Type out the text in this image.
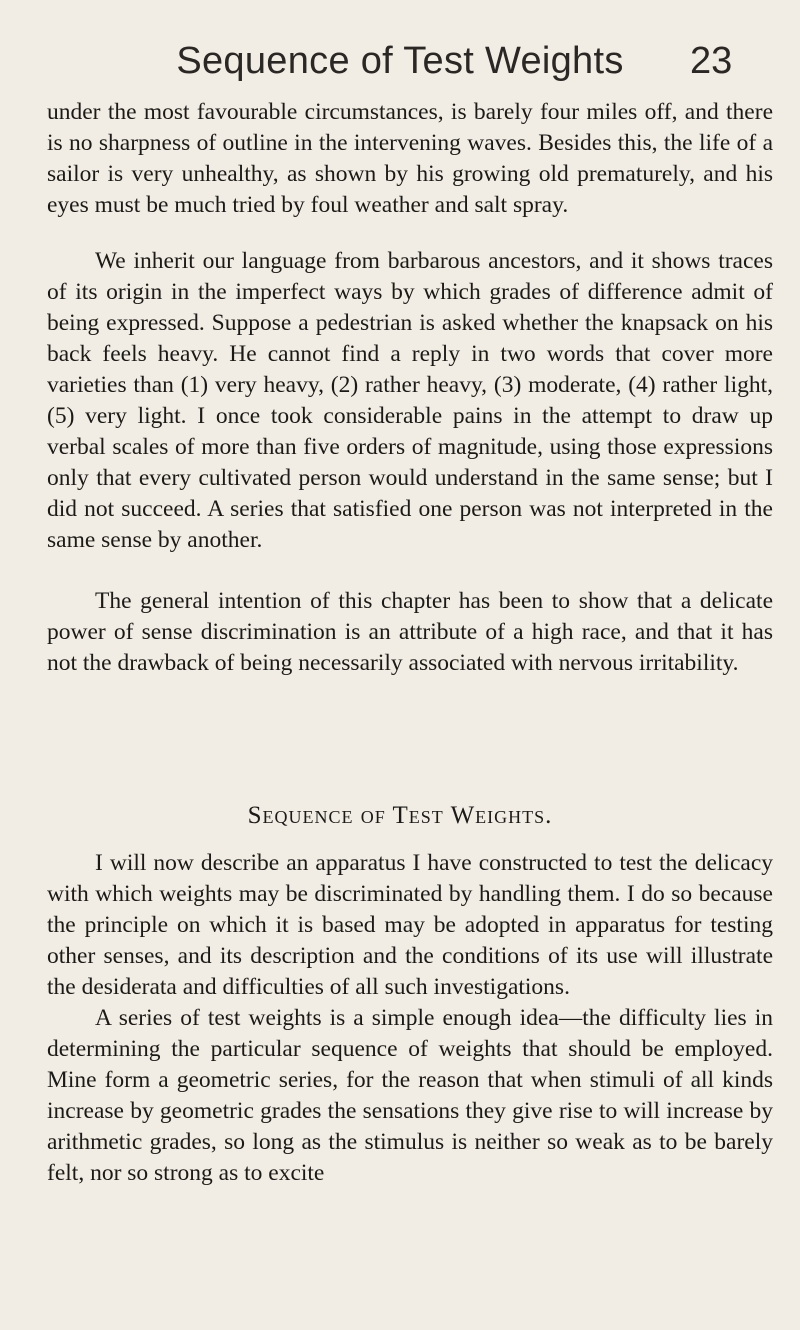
Sequence of Test Weights	23

under the most favourable circumstances, is barely four miles off, and there is no sharpness of outline in the intervening waves. Besides this, the life of a sailor is very unhealthy, as shown by his growing old prematurely, and his eyes must be much tried by foul weather and salt spray.

We inherit our language from barbarous ancestors, and it shows traces of its origin in the imperfect ways by which grades of difference admit of being expressed. Suppose a pedestrian is asked whether the knapsack on his back feels heavy. He cannot find a reply in two words that cover more varieties than (1) very heavy, (2) rather heavy, (3) moderate, (4) rather light, (5) very light. I once took considerable pains in the attempt to draw up verbal scales of more than five orders of magnitude, using those expressions only that every cultivated person would understand in the same sense; but I did not succeed. A series that satisfied one person was not interpreted in the same sense by another.

The general intention of this chapter has been to show that a delicate power of sense discrimination is an attribute of a high race, and that it has not the drawback of being necessarily associated with nervous irritability.

Sequence of Test Weights.

I will now describe an apparatus I have constructed to test the delicacy with which weights may be discriminated by handling them. I do so because the principle on which it is based may be adopted in apparatus for testing other senses, and its description and the conditions of its use will illustrate the desiderata and difficulties of all such investigations.

A series of test weights is a simple enough idea—the difficulty lies in determining the particular sequence of weights that should be employed. Mine form a geometric series, for the reason that when stimuli of all kinds increase by geometric grades the sensations they give rise to will increase by arithmetic grades, so long as the stimulus is neither so weak as to be barely felt, nor so strong as to excite
